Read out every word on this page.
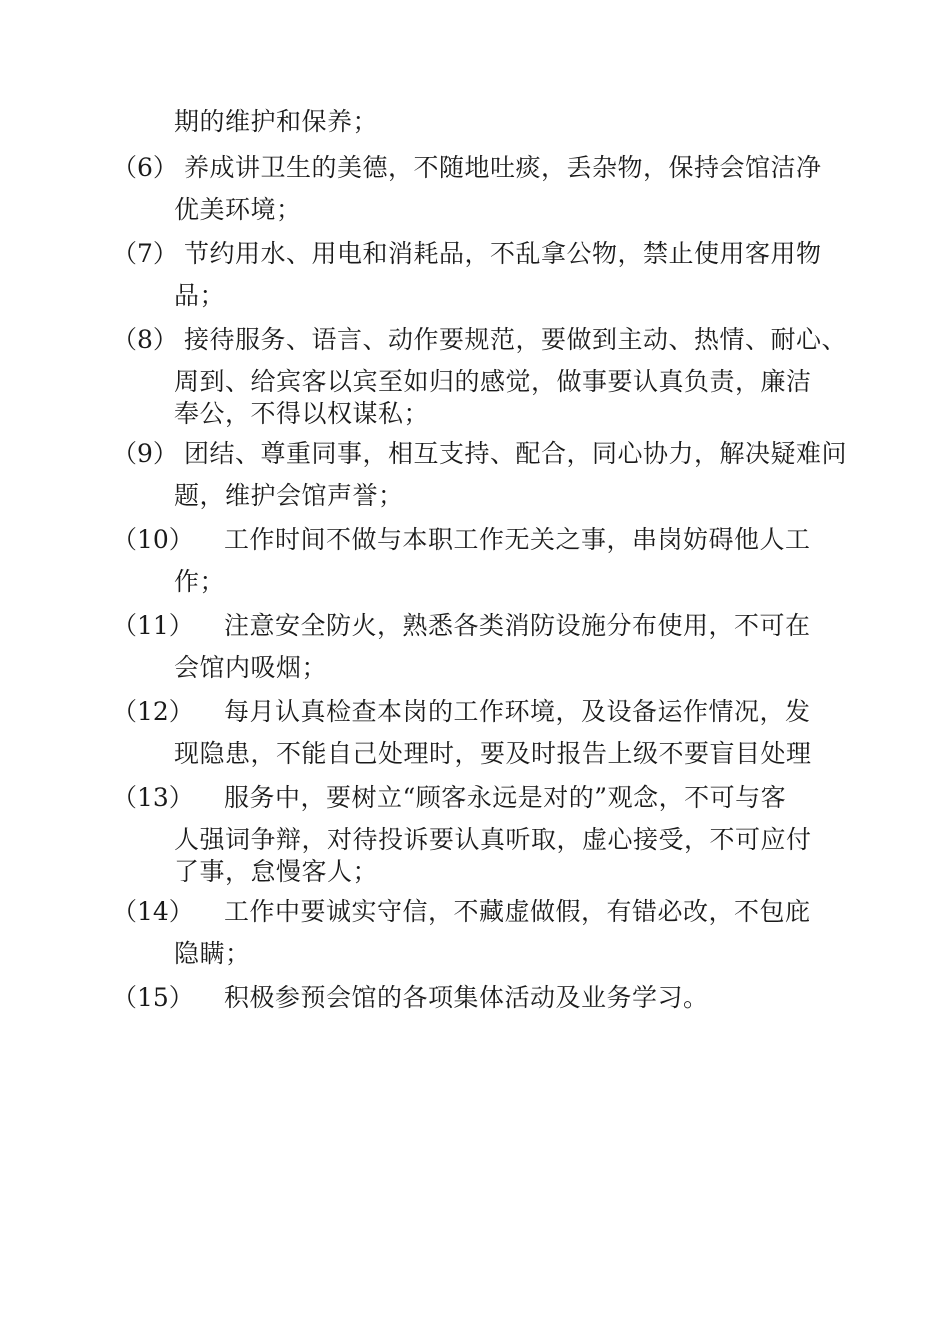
期的维护和保养；
（6） 养成讲卫生的美德，不随地吐痰，丢杂物，保持会馆洁净
优美环境；
（7） 节约用水、用电和消耗品，不乱拿公物，禁止使用客用物
品；
（8） 接待服务、语言、动作要规范，要做到主动、热情、耐心、
周到、给宾客以宾至如归的感觉，做事要认真负责，廉洁
奉公，不得以权谋私；
（9） 团结、尊重同事，相互支持、配合，同心协力，解决疑难问
题，维护会馆声誉；
（10） 工作时间不做与本职工作无关之事，串岗妨碍他人工
作；
（11） 注意安全防火，熟悉各类消防设施分布使用，不可在
会馆内吸烟；
（12） 每月认真检查本岗的工作环境，及设备运作情况，发
现隐患，不能自己处理时，要及时报告上级不要盲目处理
（13） 服务中，要树立“顾客永远是对的”观念，不可与客
人强词争辩，对待投诉要认真听取，虚心接受，不可应付
了事，怠慢客人；
（14） 工作中要诚实守信，不藏虚做假，有错必改，不包庇
隐瞒；
（15） 积极参预会馆的各项集体活动及业务学习。
